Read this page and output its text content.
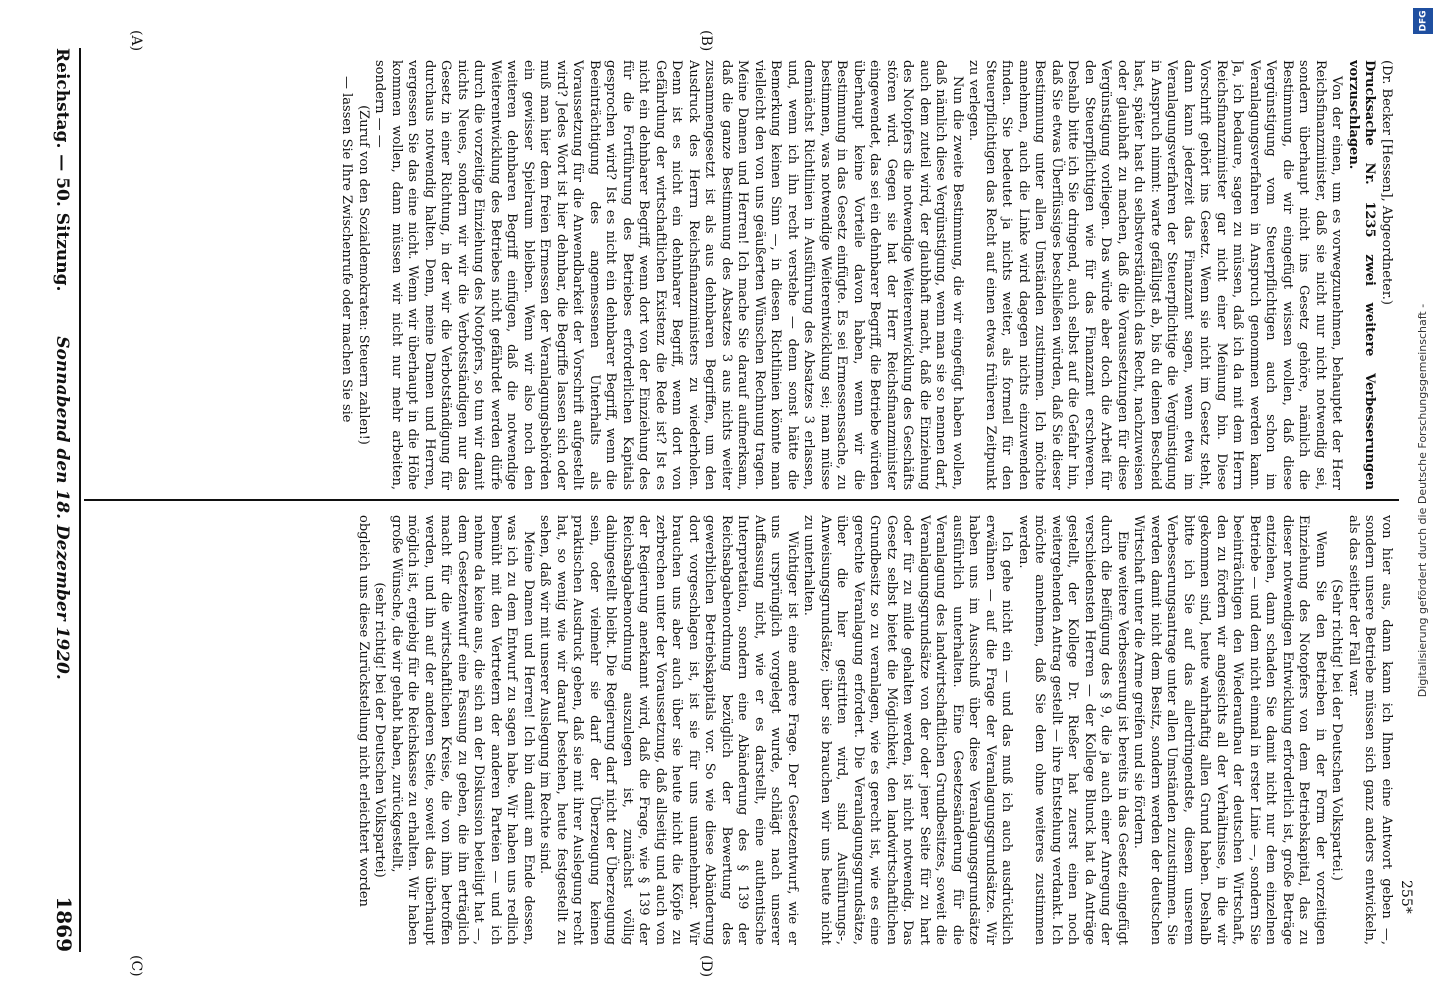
Reichstag. — 50. Sitzung.
Sonnabend den 18. Dezember 1920.
1869

(Dr. Becker [Hessen], Abgeordneter.)

Drucksache Nr. 1235 zwei weitere Verbesserungen vorzuschlagen.

Von der einen, um es vorwegzunehmen, behauptet der Herr Reichsfinanzminister, daß sie nicht nur nicht notwendig sei, sondern überhaupt nicht ins Gesetz gehöre, nämlich die Bestimmung, die wir eingefügt wissen wollen, daß diese Vergünstigung vom Steuerpflichtigen auch schon im Veranlagungsverfahren in Anspruch genommen werden kann. Ja, ich bedaure, sagen zu müssen, daß ich da mit dem Herrn Reichsfinanzminister gar nicht einer Meinung bin. Diese Vorschrift gehört ins Gesetz. Wenn sie nicht im Gesetz steht, dann kann jederzeit das Finanzamt sagen, wenn etwa im Veranlagungsverfahren der Steuerpflichtige die Vergünstigung in Anspruch nimmt: warte gefälligst ab, bis du deinen Bescheid hast, später hast du selbstverständlich das Recht, nachzuweisen oder glaubhaft zu machen, daß die Voraussetzungen für diese Vergünstigung vorliegen. Das würde aber doch die Arbeit für den Steuerpflichtigen wie für das Finanzamt erschweren. Deshalb bitte ich Sie dringend, auch selbst auf die Gefahr hin, daß Sie etwas Überflüssiges beschließen würden, daß Sie dieser Bestimmung unter allen Umständen zustimmen. Ich möchte annehmen, auch die Linke wird dagegen nichts einzuwenden finden. Sie bedeutet ja nichts weiter, als formell für den Steuerpflichtigen das Recht auf einen etwas früheren Zeitpunkt zu verlegen.

Nun die zweite Bestimmung, die wir eingefügt haben wollen, daß nämlich diese Vergünstigung, wenn man sie so nennen darf, auch dem zuteil wird, der glaubhaft macht, daß die Einziehung des Notopfers die notwendige Weiterentwicklung des Geschäfts stören wird. Gegen sie hat der Herr Reichsfinanzminister eingewendet, das sei ein dehnbarer Begriff, die Betriebe würden überhaupt keine Vorteile davon haben, wenn wir die Bestimmung in das Gesetz einfügte. Es sei Ermessenssache, zu bestimmen, was notwendige Weiterentwicklung sei; man müsse demnächst Richtlinien in Ausführung des Absatzes 3 erlassen, und, wenn ich ihn recht verstehe — denn sonst hätte die Bemerkung keinen Sinn —, in diesen Richtlinien könnte man vielleicht den von uns geäußerten Wünschen Rechnung tragen. Meine Damen und Herren! Ich mache Sie darauf aufmerksam, daß die ganze Bestimmung des Absatzes 3 aus nichts weiter zusammengesetzt ist als aus dehnbaren Begriffen, um den Ausdruck des Herrn Reichsfinanzministers zu wiederholen. Denn ist es nicht ein dehnbarer Begriff, wenn dort von Gefährdung der wirtschaftlichen Existenz die Rede ist? Ist es nicht ein dehnbarer Begriff, wenn dort von der Einziehung des für die Fortführung des Betriebes erforderlichen Kapitals gesprochen wird? Ist es nicht ein dehnbarer Begriff, wenn die Beeinträchtigung des angemessenen Unterhalts als Voraussetzung für die Anwendbarkeit der Vorschrift aufgestellt wird? Jedes Wort ist hier dehnbar, die Begriffe lassen sich oder muß man hier dem freien Ermessen der Veranlagungsbehörden ein gewisser Spielraum bleiben. Wenn wir also noch den weiteren dehnbaren Begriff einfügen, daß die notwendige Weiterentwicklung des Betriebes nicht gefährdet werden dürfe durch die vorzeitige Einziehung des Notopfers, so tun wir damit nichts Neues, sondern wir wir die Verbotsständigen nur das Gesetz in einer Richtung, in der wir die Verbotständigung für durchaus notwendig halten. Denn, meine Damen und Herren, vergessen Sie das eine nicht. Wenn wir überhaupt in die Höhe kommen wollen, dann müssen wir nicht nur mehr arbeiten, sondern — —

(Zuruf von den Sozialdemokraten: Steuern zahlen!)

— lassen Sie Ihre Zwischenrufe oder machen Sie sie

von hier aus, dann kann ich Ihnen eine Antwort geben —, sondern unsere Betriebe müssen sich ganz anders entwickeln, als das seither der Fall war.

(Sehr richtig! bei der Deutschen Volkspartei.)

Wenn Sie den Betrieben in der Form der vorzeitigen Einziehung des Notopfers von dem Betriebskapital, das zu dieser notwendigen Entwicklung erforderlich ist, große Beträge entziehen, dann schaden Sie damit nicht nur dem einzelnen Betriebe — und dem nicht einmal in erster Linie —, sondern Sie beeinträchtigen den Wiederaufbau der deutschen Wirtschaft, den zu fördern wir angesichts all der Verhältnisse, in die wir gekommen sind, heute wahrhaftig allen Grund haben. Deshalb bitte ich Sie auf das allerdringendste, diesem unserem Verbesserungsantrage unter allen Umständen zuzustimmen. Sie werden damit nicht dem Besitz, sondern werden der deutschen Wirtschaft unter die Arme greifen und sie fördern.

Eine weitere Verbesserung ist bereits in das Gesetz eingefügt durch die Beifügung des § 9, die ja auch einer Anregung der verschiedensten Herren — der Kollege Blunck hat da Anträge gestellt, der Kollege Dr. Rießer hat zuerst einen noch weitergehenden Antrag gestellt — ihre Entstehung verdankt. Ich möchte annehmen, daß Sie dem ohne weiteres zustimmen werden.

Ich gehe nicht ein — und das muß ich auch ausdrücklich erwähnen — auf die Frage der Veranlagungsgrundsätze. Wir haben uns im Ausschuß über diese Veranlagungsgrundsätze ausführlich unterhalten. Eine Gesetzesänderung für die Veranlagung des landwirtschaftlichen Grundbesitzes, soweit die Veranlagungsgrundsätze von der oder jener Seite für zu hart oder für zu milde gehalten werden, ist nicht notwendig. Das Gesetz selbst bietet die Möglichkeit, den landwirtschaftlichen Grundbesitz so zu veranlagen, wie es gerecht ist, wie es eine gerechte Veranlagung erfordert. Die Veranlagungsgrundsätze, über die hier gestritten wird, sind Ausführungs-, Anweisungsgrundsätze; über sie brauchen wir uns heute nicht zu unterhalten.

Wichtiger ist eine andere Frage. Der Gesetzentwurf, wie er uns ursprünglich vorgelegt wurde, schlägt nach unserer Auffassung nicht, wie er es darstellt, eine authentische Interpretation, sondern eine Abänderung des § 139 der Reichsabgabenordnung bezüglich der Bewertung des gewerblichen Betriebskapitals vor. So wie diese Abänderung dort vorgeschlagen ist, ist sie für uns unannehmbar. Wir brauchen uns aber auch über sie heute nicht die Köpfe zu zerbrechen unter der Voraussetzung, daß allseitig und auch von der Regierung anerkannt wird, daß die Frage, wie § 139 der Reichsabgabenordnung auszulegen ist, zunächst völlig dahingestellt bleibt. Die Regierung darf nicht der Überzeugung sein, oder vielmehr sie darf der Überzeugung keinen praktischen Ausdruck geben, daß sie mit ihrer Auslegung recht hat, so wenig wie wir darauf bestehen, heute festgestellt zu sehen, daß wir mit unserer Auslegung im Rechte sind.

Meine Damen und Herren! Ich bin damit am Ende dessen, was ich zu dem Entwurf zu sagen habe. Wir haben uns redlich bemüht mit den Vertretern der anderen Parteien — und ich nehme da keine aus, die sich an der Diskussion beteiligt hat —, dem Gesetzentwurf eine Fassung zu geben, die ihn erträglich macht für die wirtschaftlichen Kreise, die von ihm betroffen werden, und ihn auf der anderen Seite, soweit das überhaupt möglich ist, ergiebig für die Reichskasse zu erhalten. Wir haben große Wünsche, die wir gehabt haben, zurückgestellt,

(sehr richtig! bei der Deutschen Volkspartei)

obgleich uns diese Zurückstellung nicht erleichtert worden

(A)	(B)
(C)	(D)
255*
DFG
Digitalisierung gefördert durch die Deutsche Forschungsgemeinschaft -
